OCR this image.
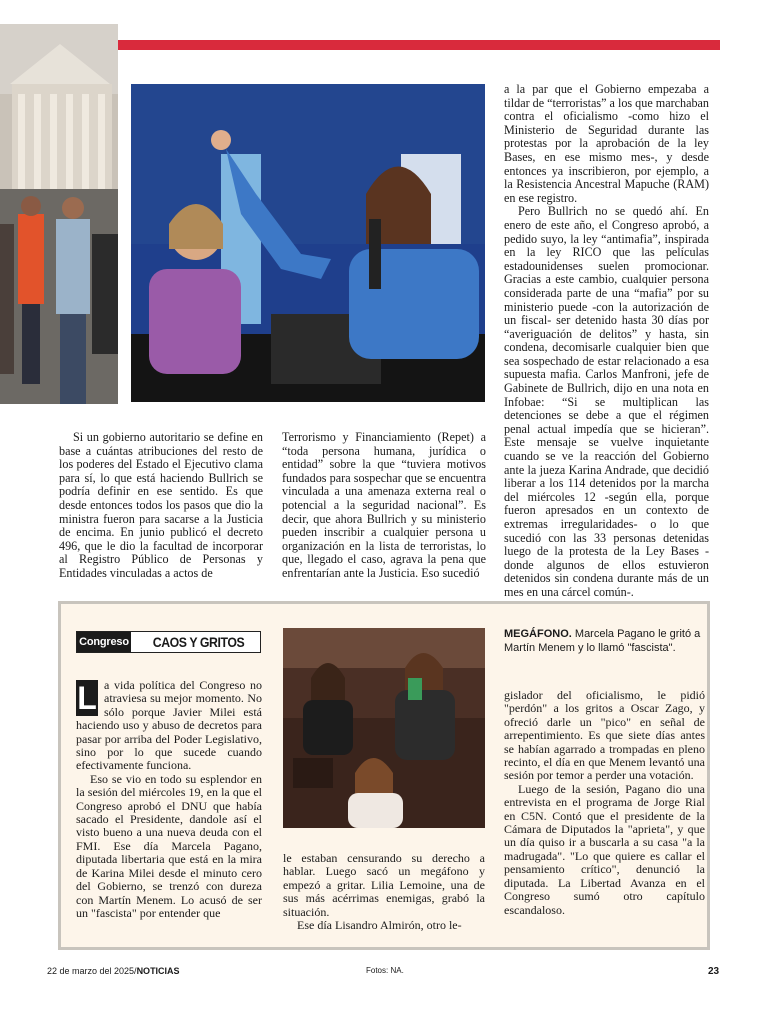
a la par que el Gobierno empezaba a tildar de “terroristas” a los que marchaban contra el oficialismo -como hizo el Ministerio de Seguridad durante las protestas por la aprobación de la ley Bases, en ese mismo mes-, y desde entonces ya inscribieron, por ejemplo, a la Resistencia Ancestral Mapuche (RAM) en ese registro.

Pero Bullrich no se quedó ahí. En enero de este año, el Congreso aprobó, a pedido suyo, la ley “antimafia”, inspirada en la ley RICO que las películas estadounidenses suelen promocionar. Gracias a este cambio, cualquier persona considerada parte de una “mafia” por su ministerio puede -con la autorización de un fiscal- ser detenido hasta 30 días por “averiguación de delitos” y hasta, sin condena, decomisarle cualquier bien que sea sospechado de estar relacionado a esa supuesta mafia. Carlos Manfroni, jefe de Gabinete de Bullrich, dijo en una nota en Infobae: “Si se multiplican las detenciones se debe a que el régimen penal actual impedía que se hicieran”. Este mensaje se vuelve inquietante cuando se ve la reacción del Gobierno ante la jueza Karina Andrade, que decidió liberar a los 114 detenidos por la marcha del miércoles 12 -según ella, porque fueron apresados en un contexto de extremas irregularidades- o lo que sucedió con las 33 personas detenidas luego de la protesta de la Ley Bases -donde algunos de ellos estuvieron detenidos sin condena durante más de un mes en una cárcel común-.

Si un gobierno autoritario se define en base a cuántas atribuciones del resto de los poderes del Estado el Ejecutivo clama para sí, lo que está haciendo Bullrich se podría definir en ese sentido. Es que desde entonces todos los pasos que dio la ministra fueron para sacarse a la Justicia de encima. En junio publicó el decreto 496, que le dio la facultad de incorporar al Registro Público de Personas y Entidades vinculadas a actos de

Terrorismo y Financiamiento (Repet) a “toda persona humana, jurídica o entidad” sobre la que “tuviera motivos fundados para sospechar que se encuentra vinculada a una amenaza externa real o potencial a la seguridad nacional”. Es decir, que ahora Bullrich y su ministerio pueden inscribir a cualquier persona u organización en la lista de terroristas, lo que, llegado el caso, agrava la pena que enfrentarían ante la Justicia. Eso sucedió

Congreso	CAOS Y GRITOS

L a vida política del Congreso no atraviesa su mejor momento. No sólo porque Javier Milei está haciendo uso y abuso de decretos para pasar por arriba del Poder Legislativo, sino por lo que sucede cuando efectivamente funciona.

Eso se vio en todo su esplendor en la sesión del miércoles 19, en la que el Congreso aprobó el DNU que había sacado el Presidente, dandole así el visto bueno a una nueva deuda con el FMI. Ese día Marcela Pagano, diputada libertaria que está en la mira de Karina Milei desde el minuto cero del Gobierno, se trenzó con dureza con Martín Menem. Lo acusó de ser un "fascista" por entender que

le estaban censurando su derecho a hablar. Luego sacó un megáfono y empezó a gritar. Lilia Lemoine, una de sus más acérrimas enemigas, grabó la situación.

Ese día Lisandro Almirón, otro le-

MEGÁFONO. Marcela Pagano le gritó a Martín Menem y lo llamó "fascista".

gislador del oficialismo, le pidió "perdón" a los gritos a Oscar Zago, y ofreció darle un "pico" en señal de arrepentimiento. Es que siete días antes se habían agarrado a trompadas en pleno recinto, el día en que Menem levantó una sesión por temor a perder una votación.

Luego de la sesión, Pagano dio una entrevista en el programa de Jorge Rial en C5N. Contó que el presidente de la Cámara de Diputados la "aprieta", y que un día quiso ir a buscarla a su casa "a la madrugada". "Lo que quiere es callar el pensamiento crítico", denunció la diputada. La Libertad Avanza en el Congreso sumó otro capítulo escandaloso.

22 de marzo del 2025/NOTICIAS	Fotos: NA.	23
